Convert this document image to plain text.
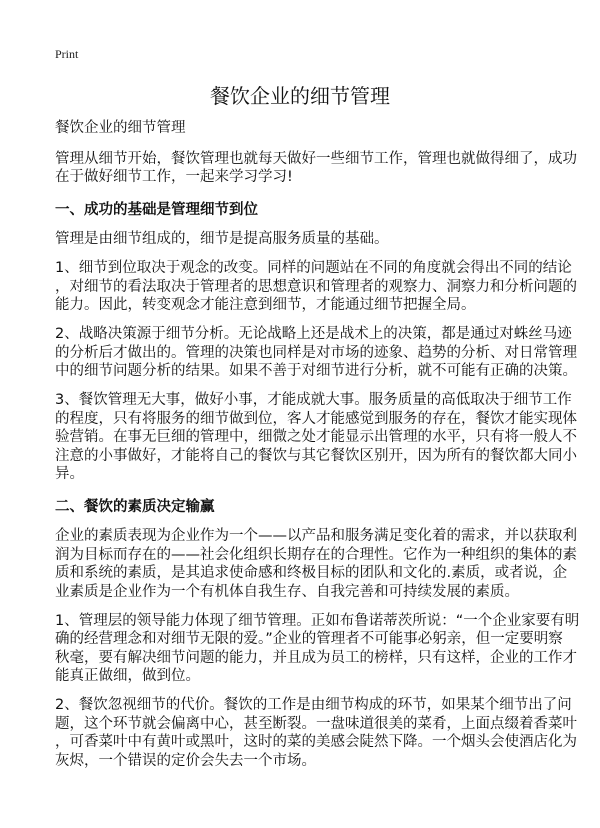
Print
餐饮企业的细节管理

餐饮企业的细节管理

管理从细节开始，餐饮管理也就每天做好一些细节工作，管理也就做得细了，成功
在于做好细节工作，一起来学习学习!

一、成功的基础是管理细节到位

管理是由细节组成的，细节是提高服务质量的基础。

1、细节到位取决于观念的改变。同样的问题站在不同的角度就会得出不同的结论
，对细节的看法取决于管理者的思想意识和管理者的观察力、洞察力和分析问题的
能力。因此，转变观念才能注意到细节，才能通过细节把握全局。

2、战略决策源于细节分析。无论战略上还是战术上的决策，都是通过对蛛丝马迹
的分析后才做出的。管理的决策也同样是对市场的迹象、趋势的分析、对日常管理
中的细节问题分析的结果。如果不善于对细节进行分析，就不可能有正确的决策。

3、餐饮管理无大事，做好小事，才能成就大事。服务质量的高低取决于细节工作
的程度，只有将服务的细节做到位，客人才能感觉到服务的存在，餐饮才能实现体
验营销。在事无巨细的管理中，细微之处才能显示出管理的水平，只有将一般人不
注意的小事做好，才能将自己的餐饮与其它餐饮区别开，因为所有的餐饮都大同小
异。

二、餐饮的素质决定输赢

企业的素质表现为企业作为一个——以产品和服务满足变化着的需求，并以获取利
润为目标而存在的——社会化组织长期存在的合理性。它作为一种组织的集体的素
质和系统的素质，是其追求使命感和终极目标的团队和文化的.素质，或者说，企
业素质是企业作为一个有机体自我生存、自我完善和可持续发展的素质。

1、管理层的领导能力体现了细节管理。正如布鲁诺蒂茨所说：“一个企业家要有明
确的经营理念和对细节无限的爱。”企业的管理者不可能事必躬亲，但一定要明察
秋毫，要有解决细节问题的能力，并且成为员工的榜样，只有这样，企业的工作才
能真正做细，做到位。

2、餐饮忽视细节的代价。餐饮的工作是由细节构成的环节，如果某个细节出了问
题，这个环节就会偏离中心，甚至断裂。一盘味道很美的菜肴，上面点缀着香菜叶
，可香菜叶中有黄叶或黑叶，这时的菜的美感会陡然下降。一个烟头会使酒店化为
灰烬，一个错误的定价会失去一个市场。
